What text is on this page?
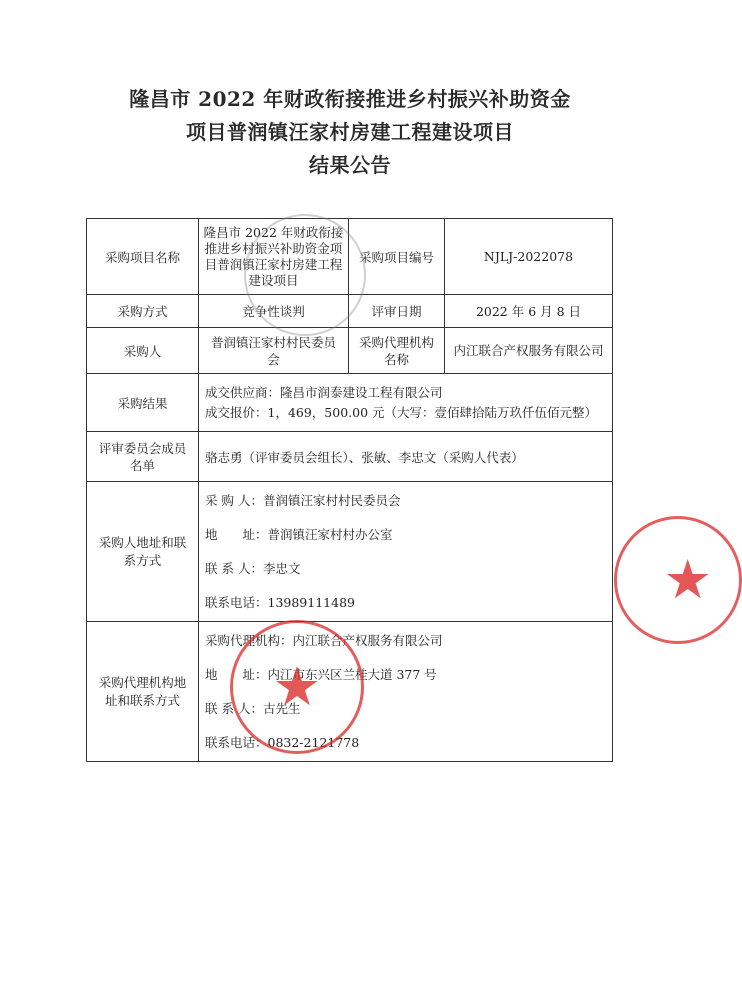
隆昌市 2022 年财政衔接推进乡村振兴补助资金
项目普润镇汪家村房建工程建设项目
结果公告
采购项目名称	隆昌市 2022 年财政衔接推进乡村振兴补助资金项目普润镇汪家村房建工程建设项目	采购项目编号	NJLJ-2022078
采购方式	竞争性谈判	评审日期	2022 年 6 月 8 日
采购人	普润镇汪家村村民委员会	采购代理机构名称	内江联合产权服务有限公司
采购结果	成交供应商：隆昌市润泰建设工程有限公司
成交报价：1，469，500.00 元（大写：壹佰肆拾陆万玖仟伍佰元整）		

评审委员会成员名单	骆志勇（评审委员会组长）、张敏、李忠文（采购人代表）		
采购人地址和联系方式	采 购 人：普润镇汪家村村民委员会
地　　址：普润镇汪家村村办公室
联 系 人：李忠文
联系电话：13989111489		

采购代理机构地址和联系方式	采购代理机构：内江联合产权服务有限公司
地　　址：内江市东兴区兰桂大道 377 号
联 系 人：古先生
联系电话：0832-2121778		
★
★
